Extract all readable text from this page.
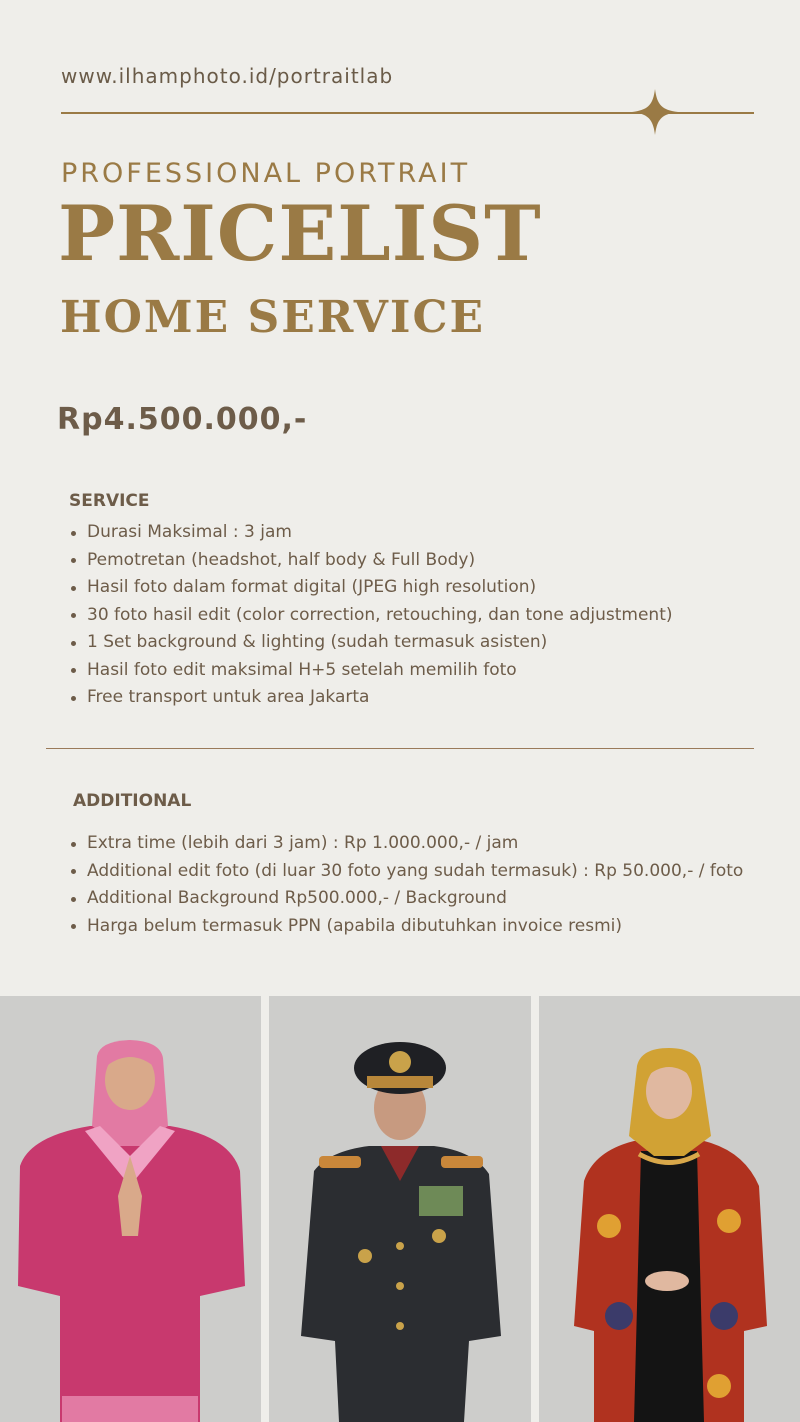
www.ilhamphoto.id/portraitlab
PROFESSIONAL PORTRAIT
PRICELIST
HOME SERVICE
Rp4.500.000,-
SERVICE
Durasi Maksimal : 3 jam
Pemotretan (headshot, half body & Full Body)
Hasil foto dalam format digital (JPEG high resolution)
30 foto hasil edit (color correction, retouching, dan tone adjustment)
1 Set background & lighting (sudah termasuk asisten)
Hasil foto edit maksimal H+5 setelah memilih foto
Free transport untuk area Jakarta
ADDITIONAL
Extra time (lebih dari 3 jam) : Rp 1.000.000,- / jam
Additional edit foto (di luar 30 foto yang sudah termasuk) : Rp 50.000,- / foto
Additional Background Rp500.000,- / Background
Harga belum termasuk PPN (apabila dibutuhkan invoice resmi)
